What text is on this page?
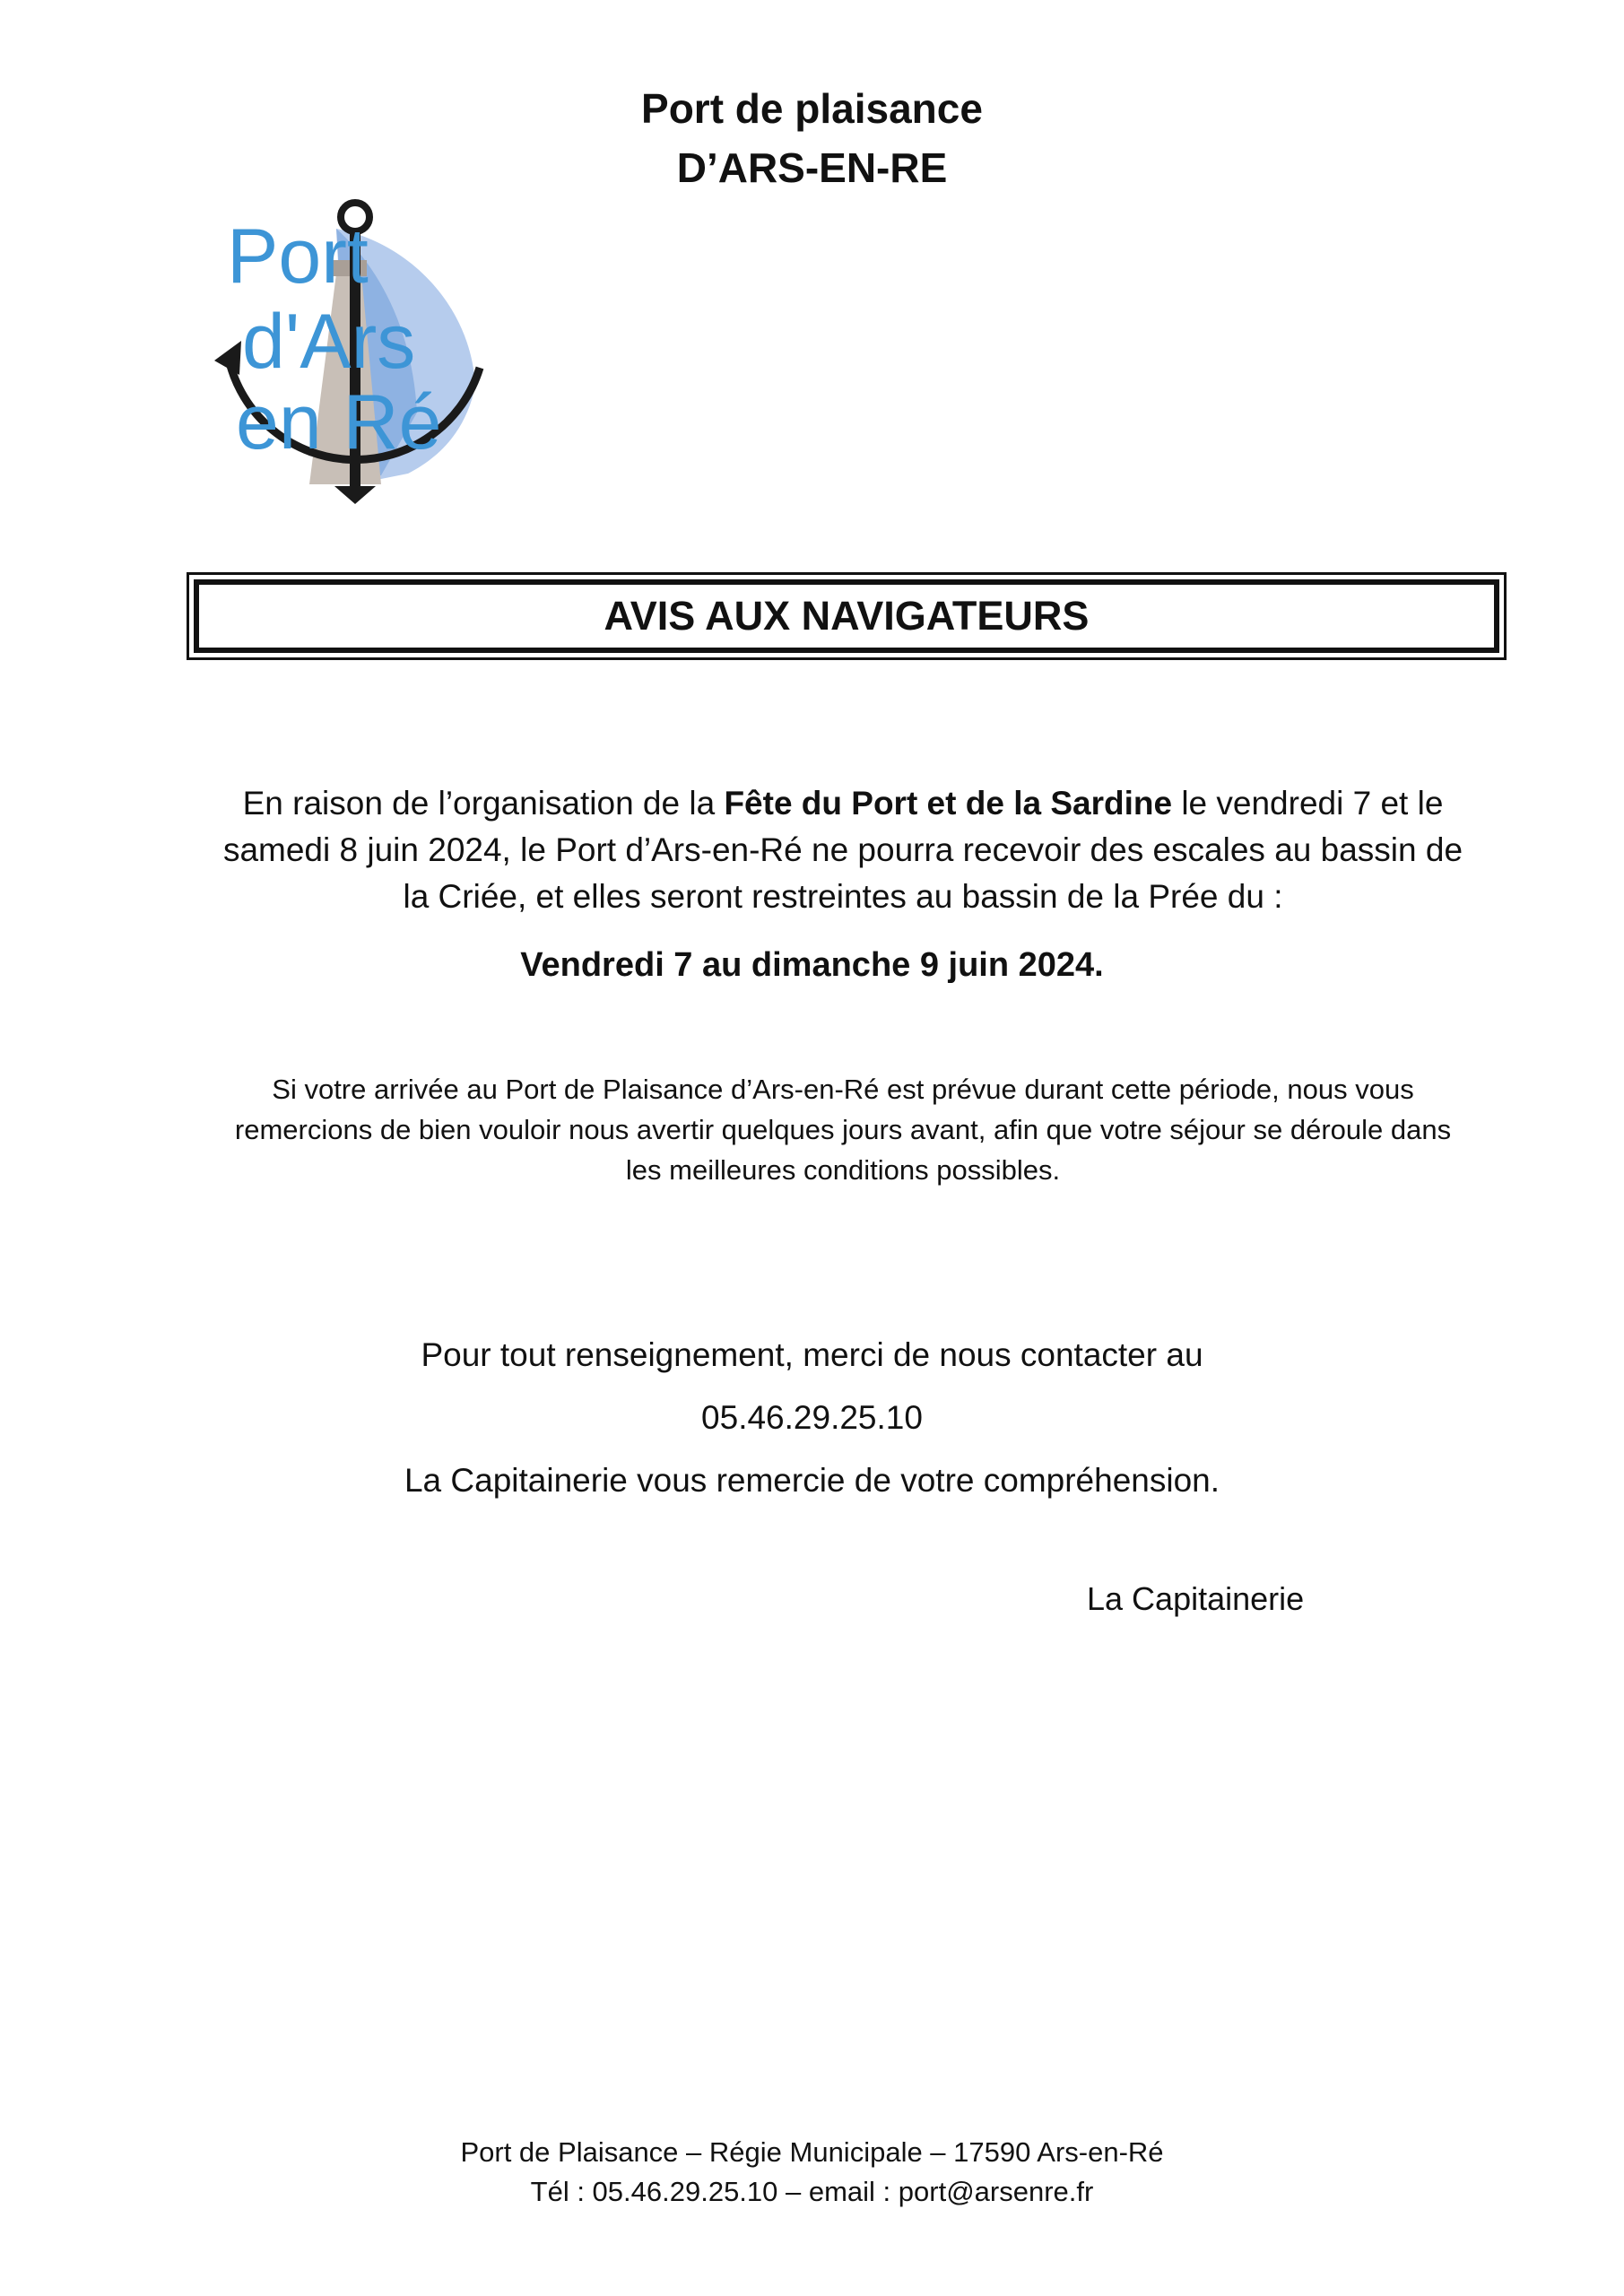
Port de plaisance
D’ARS-EN-RE
Port
d'Ars
en Ré
AVIS AUX NAVIGATEURS
En raison de l’organisation de la Fête du Port et de la Sardine le vendredi 7 et le samedi 8 juin 2024, le Port d’Ars-en-Ré ne pourra recevoir des escales au bassin de la Criée, et elles seront restreintes au bassin de la Prée du :
Vendredi 7 au dimanche 9 juin 2024.
Si votre arrivée au Port de Plaisance d’Ars-en-Ré est prévue durant cette période, nous vous remercions de bien vouloir nous avertir quelques jours avant, afin que votre séjour se déroule dans les meilleures conditions possibles.
Pour tout renseignement, merci de nous contacter au
05.46.29.25.10
La Capitainerie vous remercie de votre compréhension.
La Capitainerie
Port de Plaisance – Régie Municipale – 17590 Ars-en-Ré
Tél : 05.46.29.25.10 – email : port@arsenre.fr
